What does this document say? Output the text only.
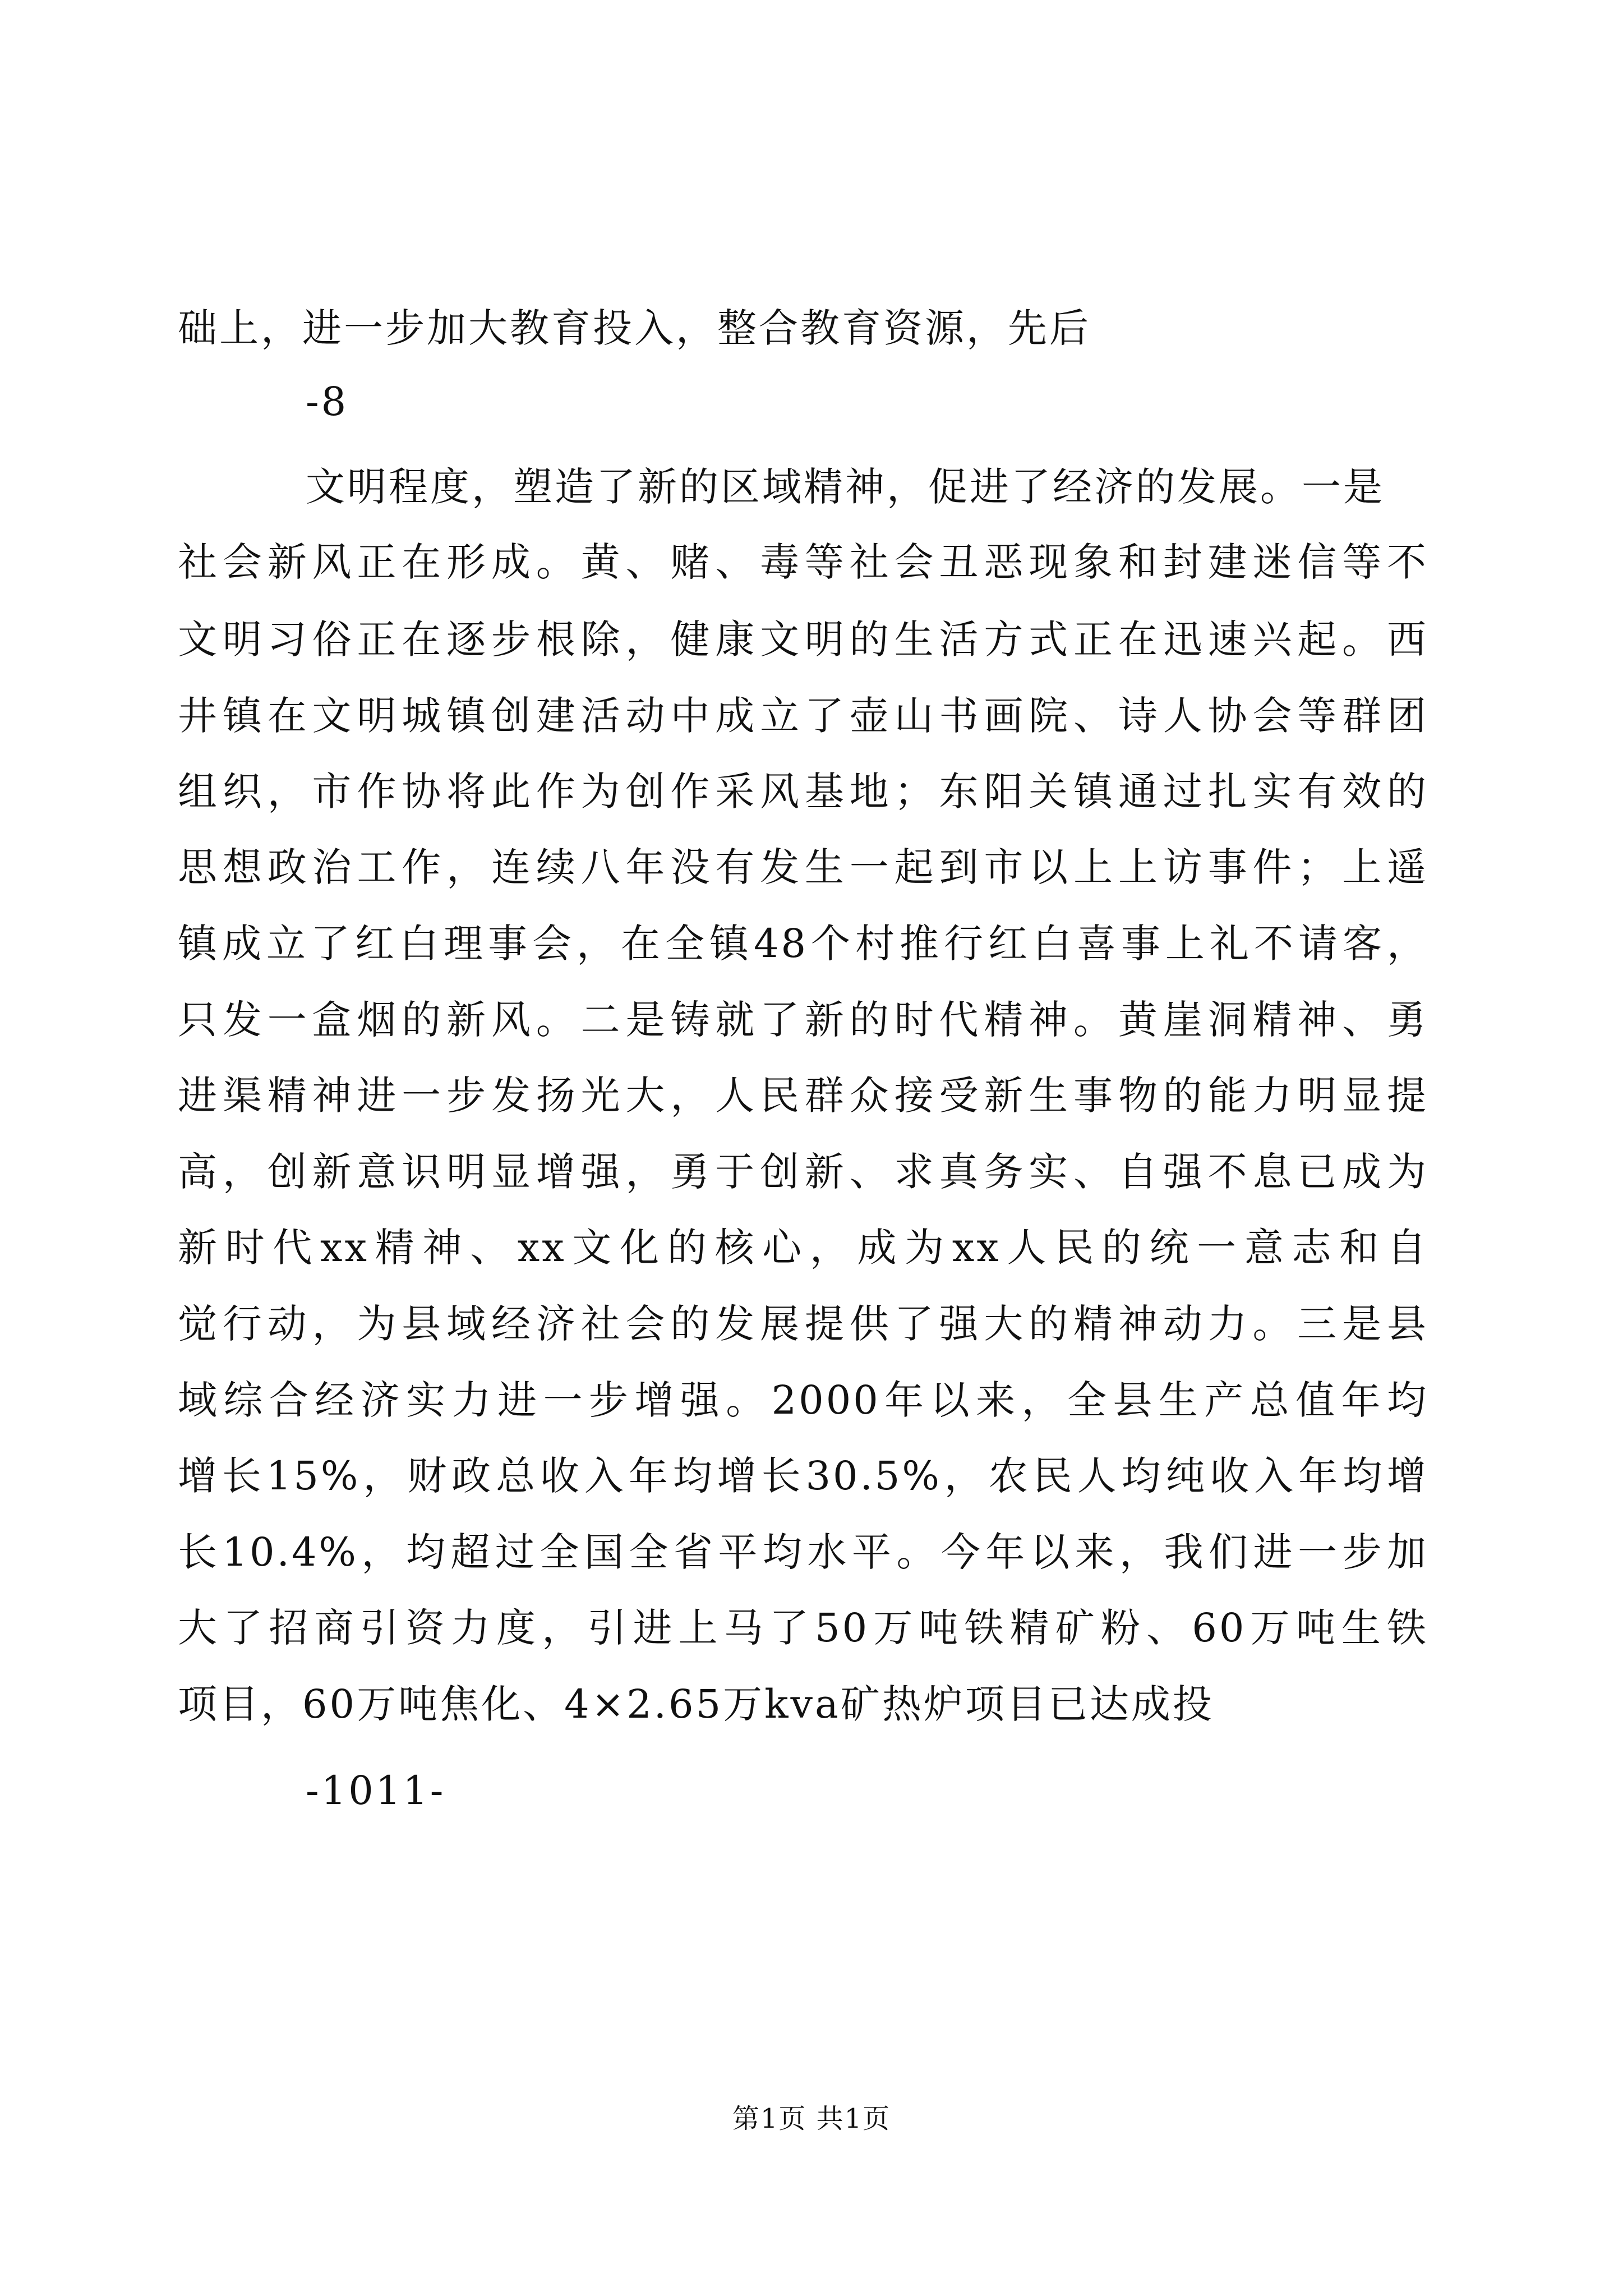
础上，进一步加大教育投入，整合教育资源，先后
-8
文明程度，塑造了新的区域精神，促进了经济的发展。一是
社会新风正在形成。黄、赌、毒等社会丑恶现象和封建迷信等不
文明习俗正在逐步根除，健康文明的生活方式正在迅速兴起。西
井镇在文明城镇创建活动中成立了壶山书画院、诗人协会等群团
组织，市作协将此作为创作采风基地；东阳关镇通过扎实有效的
思想政治工作，连续八年没有发生一起到市以上上访事件；上遥
镇成立了红白理事会，在全镇48个村推行红白喜事上礼不请客，
只发一盒烟的新风。二是铸就了新的时代精神。黄崖洞精神、勇
进渠精神进一步发扬光大，人民群众接受新生事物的能力明显提
高，创新意识明显增强，勇于创新、求真务实、自强不息已成为
新时代xx精神、xx文化的核心，成为xx人民的统一意志和自
觉行动，为县域经济社会的发展提供了强大的精神动力。三是县
域综合经济实力进一步增强。2000年以来，全县生产总值年均
增长15%，财政总收入年均增长30.5%，农民人均纯收入年均增
长10.4%，均超过全国全省平均水平。今年以来，我们进一步加
大了招商引资力度，引进上马了50万吨铁精矿粉、60万吨生铁
项目，60万吨焦化、4×2.65万kva矿热炉项目已达成投
-1011-
第1页 共1页
